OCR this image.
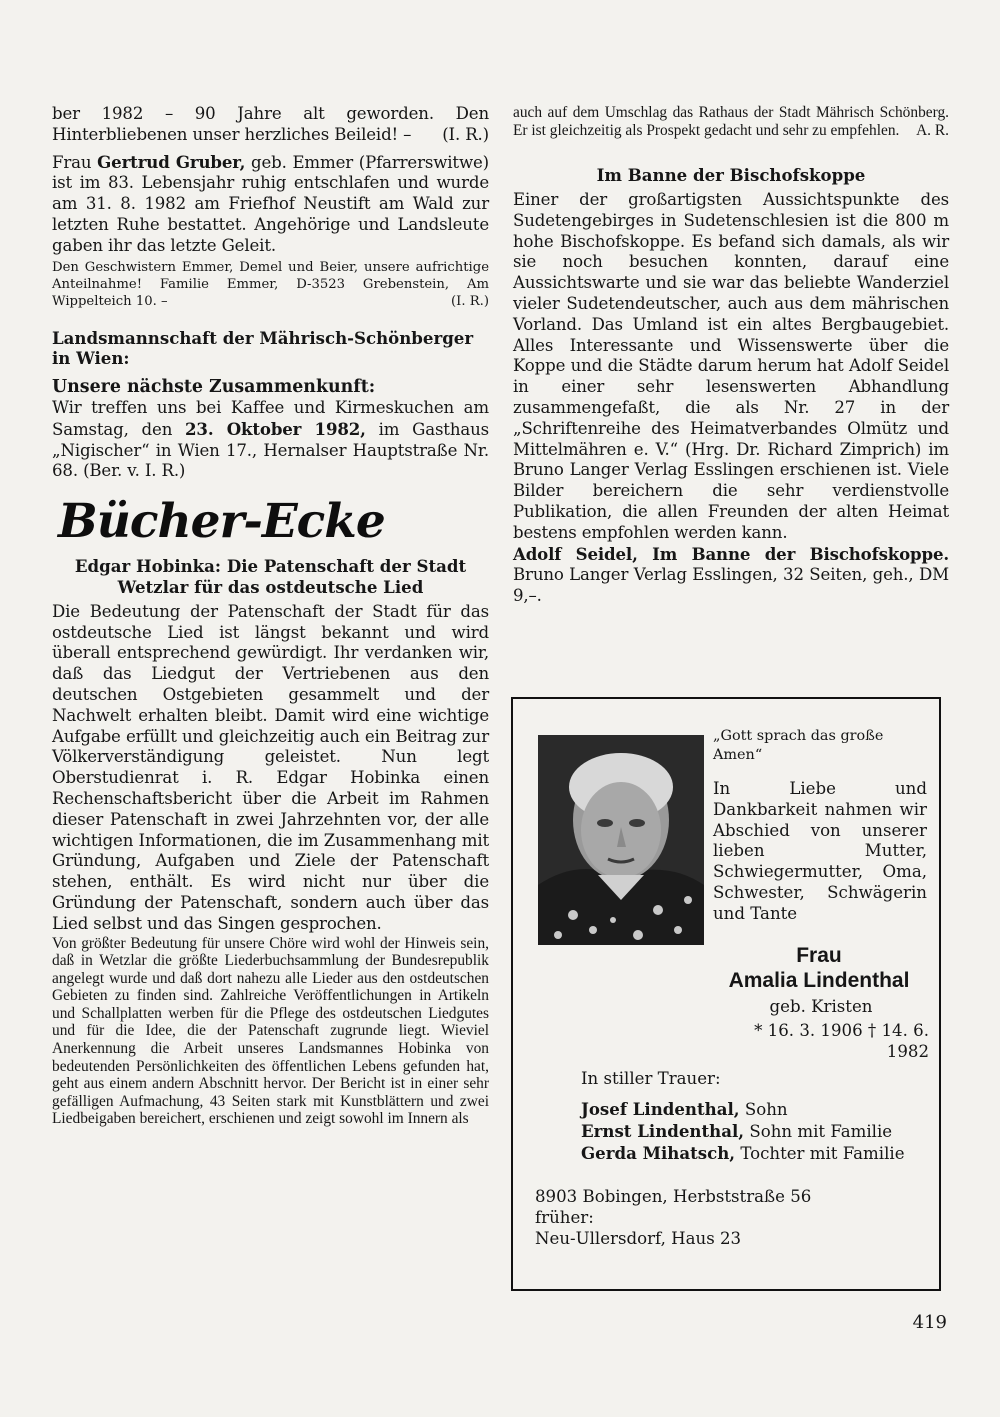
ber 1982 – 90 Jahre alt geworden. Den Hinterbliebenen unser herzliches Beileid! –	(I. R.)

Frau Gertrud Gruber, geb. Emmer (Pfarrerswitwe) ist im 83. Lebensjahr ruhig entschlafen und wurde am 31. 8. 1982 am Friefhof Neustift am Wald zur letzten Ruhe bestattet. Angehörige und Landsleute gaben ihr das letzte Geleit.

Den Geschwistern Emmer, Demel und Beier, unsere aufrichtige Anteilnahme! Familie Emmer, D-3523 Grebenstein, Am Wippelteich 10. –	(I. R.)

Landsmannschaft der Mährisch-Schönberger in Wien:

Unsere nächste Zusammenkunft:

Wir treffen uns bei Kaffee und Kirmeskuchen am Samstag, den 23. Oktober 1982, im Gasthaus „Nigischer“ in Wien 17., Hernalser Hauptstraße Nr. 68. (Ber. v. I. R.)

Bücher-Ecke

Edgar Hobinka: Die Patenschaft der Stadt Wetzlar für das ostdeutsche Lied

Die Bedeutung der Patenschaft der Stadt für das ostdeutsche Lied ist längst bekannt und wird überall entsprechend gewürdigt. Ihr verdanken wir, daß das Liedgut der Vertriebenen aus den deutschen Ostgebieten gesammelt und der Nachwelt erhalten bleibt. Damit wird eine wichtige Aufgabe erfüllt und gleichzeitig auch ein Beitrag zur Völkerverständigung geleistet. Nun legt Oberstudienrat i. R. Edgar Hobinka einen Rechenschaftsbericht über die Arbeit im Rahmen dieser Patenschaft in zwei Jahrzehnten vor, der alle wichtigen Informationen, die im Zusammenhang mit Gründung, Aufgaben und Ziele der Patenschaft stehen, enthält. Es wird nicht nur über die Gründung der Patenschaft, sondern auch über das Lied selbst und das Singen gesprochen.

Von größter Bedeutung für unsere Chöre wird wohl der Hinweis sein, daß in Wetzlar die größte Liederbuchsammlung der Bundesrepublik angelegt wurde und daß dort nahezu alle Lieder aus den ostdeutschen Gebieten zu finden sind. Zahlreiche Veröffentlichungen in Artikeln und Schallplatten werben für die Pflege des ostdeutschen Liedgutes und für die Idee, die der Patenschaft zugrunde liegt. Wieviel Anerkennung die Arbeit unseres Landsmannes Hobinka von bedeutenden Persönlichkeiten des öffentlichen Lebens gefunden hat, geht aus einem andern Abschnitt hervor. Der Bericht ist in einer sehr gefälligen Aufmachung, 43 Seiten stark mit Kunstblättern und zwei Liedbeigaben bereichert, erschienen und zeigt sowohl im Innern als

auch auf dem Umschlag das Rathaus der Stadt Mährisch Schönberg. Er ist gleichzeitig als Prospekt gedacht und sehr zu empfehlen.	A. R.

Im Banne der Bischofskoppe

Einer der großartigsten Aussichtspunkte des Sudetengebirges in Sudetenschlesien ist die 800 m hohe Bischofskoppe. Es befand sich damals, als wir sie noch besuchen konnten, darauf eine Aussichtswarte und sie war das beliebte Wanderziel vieler Sudetendeutscher, auch aus dem mährischen Vorland. Das Umland ist ein altes Bergbaugebiet. Alles Interessante und Wissenswerte über die Koppe und die Städte darum herum hat Adolf Seidel in einer sehr lesenswerten Abhandlung zusammengefaßt, die als Nr. 27 in der „Schriftenreihe des Heimatverbandes Olmütz und Mittelmähren e. V.“ (Hrg. Dr. Richard Zimprich) im Bruno Langer Verlag Esslingen erschienen ist. Viele Bilder bereichern die sehr verdienstvolle Publikation, die allen Freunden der alten Heimat bestens empfohlen werden kann.

Adolf Seidel, Im Banne der Bischofskoppe. Bruno Langer Verlag Esslingen, 32 Seiten, geh., DM 9,–.

„Gott sprach das große Amen“

In Liebe und Dankbarkeit nahmen wir Abschied von unserer lieben Mutter, Schwiegermutter, Oma, Schwester, Schwägerin und Tante

Frau
Amalia Lindenthal

geb. Kristen

* 16. 3. 1906 † 14. 6. 1982

In stiller Trauer:

Josef Lindenthal, Sohn

Ernst Lindenthal, Sohn mit Familie

Gerda Mihatsch, Tochter mit Familie

8903 Bobingen, Herbststraße 56

früher:

Neu-Ullersdorf, Haus 23

419
